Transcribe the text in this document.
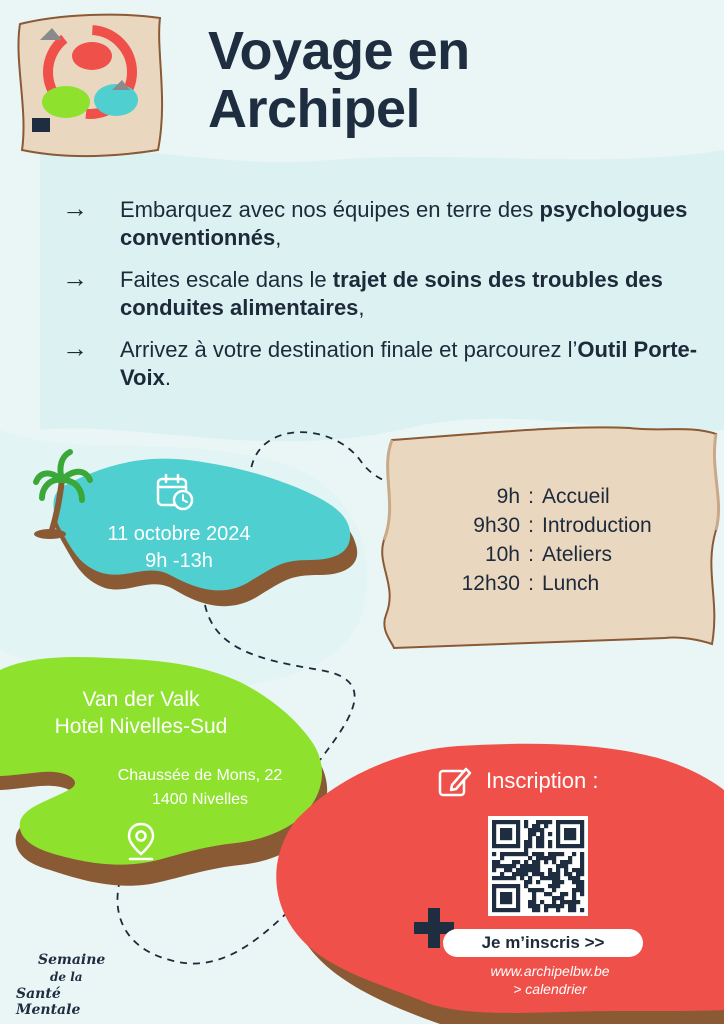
Voyage en
Archipel
→ Embarquez avec nos équipes en terre des psychologues conventionnés,
→ Faites escale dans le trajet de soins des troubles des conduites alimentaires,
→ Arrivez à votre destination finale et parcourez l’Outil Porte-Voix.
11 octobre 2024
9h -13h
9h : Accueil
9h30 : Introduction
10h : Ateliers
12h30 : Lunch
Van der Valk
Hotel Nivelles-Sud
Chaussée de Mons, 22
1400 Nivelles
Inscription :
Je m’inscris >>
www.archipelbw.be
> calendrier
Semaine
de la
Santé Mentale
